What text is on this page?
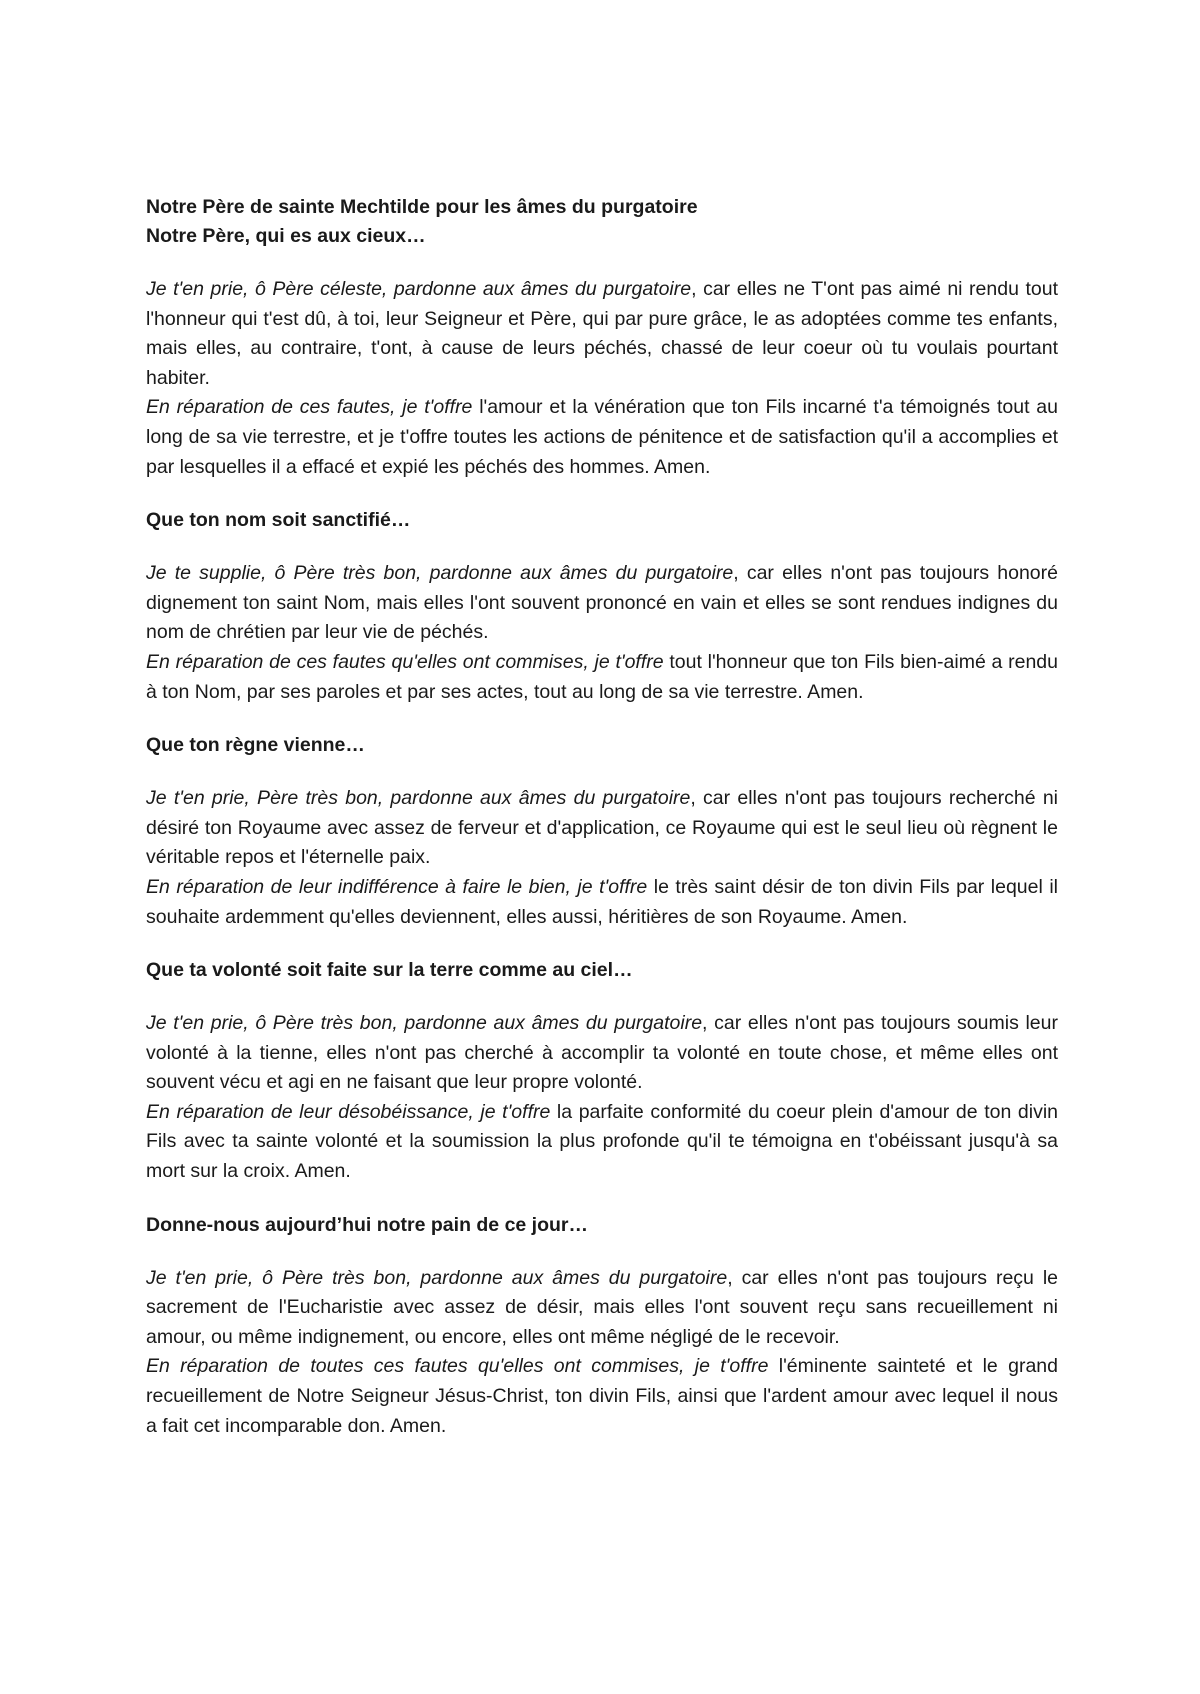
Notre Père de sainte Mechtilde pour les âmes du purgatoire

Notre Père, qui es aux cieux…

Je t'en prie, ô Père céleste, pardonne aux âmes du purgatoire, car elles ne T'ont pas aimé ni rendu tout l'honneur qui t'est dû, à toi, leur Seigneur et Père, qui par pure grâce, le as adoptées comme tes enfants, mais elles, au contraire, t'ont, à cause de leurs péchés, chassé de leur coeur où tu voulais pourtant habiter.

En réparation de ces fautes, je t'offre l'amour et la vénération que ton Fils incarné t'a témoignés tout au long de sa vie terrestre, et je t'offre toutes les actions de pénitence et de satisfaction qu'il a accomplies et par lesquelles il a effacé et expié les péchés des hommes. Amen.

Que ton nom soit sanctifié…

Je te supplie, ô Père très bon, pardonne aux âmes du purgatoire, car elles n'ont pas toujours honoré dignement ton saint Nom, mais elles l'ont souvent prononcé en vain et elles se sont rendues indignes du nom de chrétien par leur vie de péchés.

En réparation de ces fautes qu'elles ont commises, je t'offre tout l'honneur que ton Fils bien-aimé a rendu à ton Nom, par ses paroles et par ses actes, tout au long de sa vie terrestre. Amen.

Que ton règne vienne…

Je t'en prie, Père très bon, pardonne aux âmes du purgatoire, car elles n'ont pas toujours recherché ni désiré ton Royaume avec assez de ferveur et d'application, ce Royaume qui est le seul lieu où règnent le véritable repos et l'éternelle paix.

En réparation de leur indifférence à faire le bien, je t'offre le très saint désir de ton divin Fils par lequel il souhaite ardemment qu'elles deviennent, elles aussi, héritières de son Royaume. Amen.

Que ta volonté soit faite sur la terre comme au ciel…

Je t'en prie, ô Père très bon, pardonne aux âmes du purgatoire, car elles n'ont pas toujours soumis leur volonté à la tienne, elles n'ont pas cherché à accomplir ta volonté en toute chose, et même elles ont souvent vécu et agi en ne faisant que leur propre volonté.

En réparation de leur désobéissance, je t'offre la parfaite conformité du coeur plein d'amour de ton divin Fils avec ta sainte volonté et la soumission la plus profonde qu'il te témoigna en t'obéissant jusqu'à sa mort sur la croix. Amen.

Donne-nous aujourd’hui notre pain de ce jour…

Je t'en prie, ô Père très bon, pardonne aux âmes du purgatoire, car elles n'ont pas toujours reçu le sacrement de l'Eucharistie avec assez de désir, mais elles l'ont souvent reçu sans recueillement ni amour, ou même indignement, ou encore, elles ont même négligé de le recevoir.

En réparation de toutes ces fautes qu'elles ont commises, je t'offre l'éminente sainteté et le grand recueillement de Notre Seigneur Jésus-Christ, ton divin Fils, ainsi que l'ardent amour avec lequel il nous a fait cet incomparable don. Amen.
